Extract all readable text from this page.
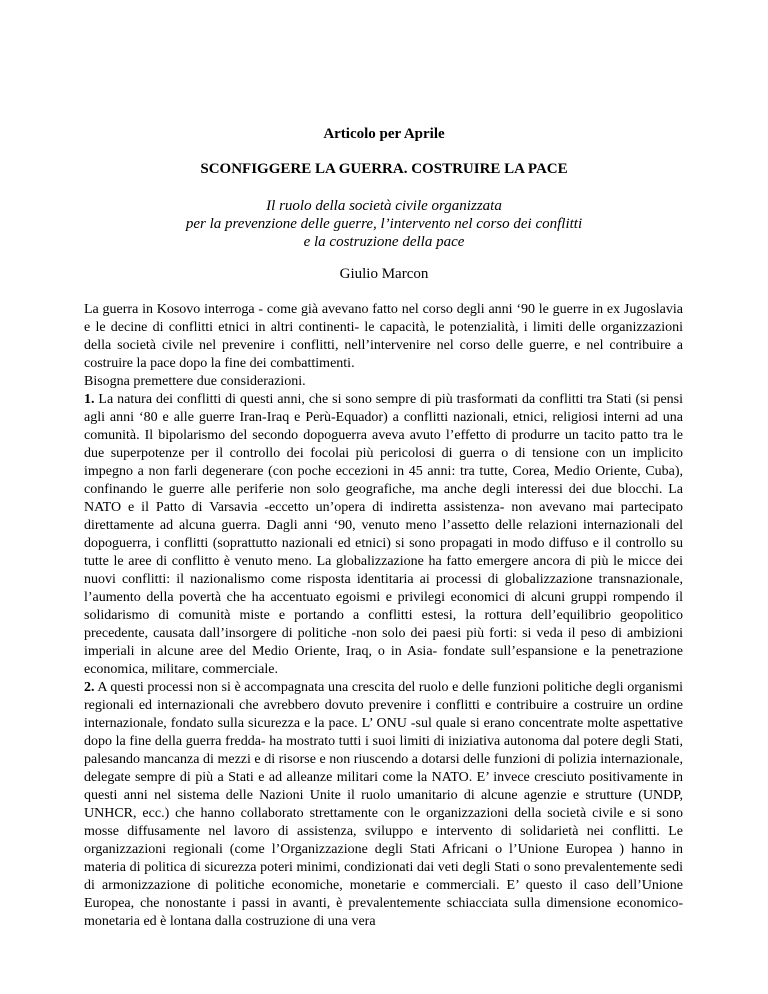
Articolo per Aprile
SCONFIGGERE LA GUERRA. COSTRUIRE LA PACE
Il ruolo della società civile organizzata
per la prevenzione delle guerre, l’intervento nel corso dei conflitti
e la costruzione della pace
Giulio Marcon

La guerra in Kosovo interroga - come già avevano fatto nel corso degli anni ‘90 le guerre in ex Jugoslavia e le decine di conflitti etnici in altri continenti- le capacità, le potenzialità, i limiti delle organizzazioni della società civile nel prevenire i conflitti, nell’intervenire nel corso delle guerre, e nel contribuire a costruire la pace dopo la fine dei combattimenti.

Bisogna premettere due considerazioni.

1. La natura dei conflitti di questi anni, che si sono sempre di più trasformati da conflitti tra Stati (si pensi agli anni ‘80 e alle guerre Iran-Iraq e Perù-Equador) a conflitti nazionali, etnici, religiosi interni ad una comunità. Il bipolarismo del secondo dopoguerra aveva avuto l’effetto di produrre un tacito patto tra le due superpotenze per il controllo dei focolai più pericolosi di guerra o di tensione con un implicito impegno a non farli degenerare (con poche eccezioni in 45 anni: tra tutte, Corea, Medio Oriente, Cuba), confinando le guerre alle periferie non solo geografiche, ma anche degli interessi dei due blocchi. La NATO e il Patto di Varsavia -eccetto un’opera di indiretta assistenza- non avevano mai partecipato direttamente ad alcuna guerra. Dagli anni ‘90, venuto meno l’assetto delle relazioni internazionali del dopoguerra, i conflitti (soprattutto nazionali ed etnici) si sono propagati in modo diffuso e il controllo su tutte le aree di conflitto è venuto meno. La globalizzazione ha fatto emergere ancora di più le micce dei nuovi conflitti: il nazionalismo come risposta identitaria ai processi di globalizzazione transnazionale, l’aumento della povertà che ha accentuato egoismi e privilegi economici di alcuni gruppi rompendo il solidarismo di comunità miste e portando a conflitti estesi, la rottura dell’equilibrio geopolitico precedente, causata dall’insorgere di politiche -non solo dei paesi più forti: si veda il peso di ambizioni imperiali in alcune aree del Medio Oriente, Iraq, o in Asia- fondate sull’espansione e la penetrazione economica, militare, commerciale.

2. A questi processi non si è accompagnata una crescita del ruolo e delle funzioni politiche degli organismi regionali ed internazionali che avrebbero dovuto prevenire i conflitti e contribuire a costruire un ordine internazionale, fondato sulla sicurezza e la pace. L’ ONU -sul quale si erano concentrate molte aspettative dopo la fine della guerra fredda- ha mostrato tutti i suoi limiti di iniziativa autonoma dal potere degli Stati, palesando mancanza di mezzi e di risorse e non riuscendo a dotarsi delle funzioni di polizia internazionale, delegate sempre di più a Stati e ad alleanze militari come la NATO. E’ invece cresciuto positivamente in questi anni nel sistema delle Nazioni Unite il ruolo umanitario di alcune agenzie e strutture (UNDP, UNHCR, ecc.) che hanno collaborato strettamente con le organizzazioni della società civile e si sono mosse diffusamente nel lavoro di assistenza, sviluppo e intervento di solidarietà nei conflitti. Le organizzazioni regionali (come l’Organizzazione degli Stati Africani o l’Unione Europea ) hanno in materia di politica di sicurezza poteri minimi, condizionati dai veti degli Stati o sono prevalentemente sedi di armonizzazione di politiche economiche, monetarie e commerciali. E’ questo il caso dell’Unione Europea, che nonostante i passi in avanti, è prevalentemente schiacciata sulla dimensione economico-monetaria ed è lontana dalla costruzione di una vera
